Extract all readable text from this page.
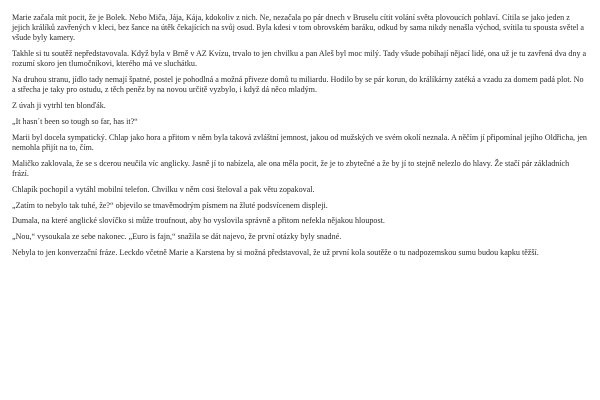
Marie začala mít pocit, že je Bolek. Nebo Miča, Jája, Kája, kdokoliv z nich. Ne, nezačala po pár dnech v Bruselu cítit volání světa plovoucích pohlaví. Cítila se jako jeden z jejich králíků zavřených v kleci, bez šance na útěk čekajících na svůj osud. Byla kdesi v tom obrovském baráku, odkud by sama nikdy nenašla východ, svítila tu spousta světel a všude byly kamery.

Takhle si tu soutěž nepředstavovala. Když byla v Brně v AZ Kvízu, trvalo to jen chvilku a pan Aleš byl moc milý. Tady všude pobíhají nějací lidé, ona už je tu zavřená dva dny a rozumí skoro jen tlumočníkovi, kterého má ve sluchátku.

Na druhou stranu, jídlo tady nemají špatné, postel je pohodlná a možná přivezе domů tu miliardu. Hodilo by se pár korun, do králíkárny zatéká a vzadu za domem padá plot. No a střecha je taky pro ostudu, z těch peněz by na novou určitě vyzbylo, i když dá něco mladým.

Z úvah ji vytrhl ten blonďák.

„It hasn´t been so tough so far, has it?“

Marii byl docela sympatický. Chlap jako hora a přitom v něm byla taková zvláštní jemnost, jakou od mužských ve svém okolí neznala. A něčím jí připomínal jejího Oldřicha, jen nemohla přijít na to, čím.

Maličko zaklovala, že se s dcerou neučila víc anglicky. Jasně jí to nabízela, ale ona měla pocit, že je to zbytečné a že by jí to stejně nelezlo do hlavy. Že stačí pár základních frází.

Chlapík pochopil a vytáhl mobilní telefon. Chvilku v něm cosi šteloval a pak větu zopakoval.

„Zatím to nebylo tak tuhé, že?“ objevilo se tmavěmodrým písmem na žluté podsvícenem displeji.

Dumala, na které anglické slovíčko si může troufnout, aby ho vyslovila správně a přitom nefekla nějakou hloupost.

„Nou,“ vysoukala ze sebe nakonec. „Euro is fajn,“ snažila se dát najevo, že první otázky byly snadné.

Nebyla to jen konverzační fráze. Leckdo včetně Marie a Karstena by si možná představoval, že už první kola soutěže o tu nadpozemskou sumu budou kapku těžší.
